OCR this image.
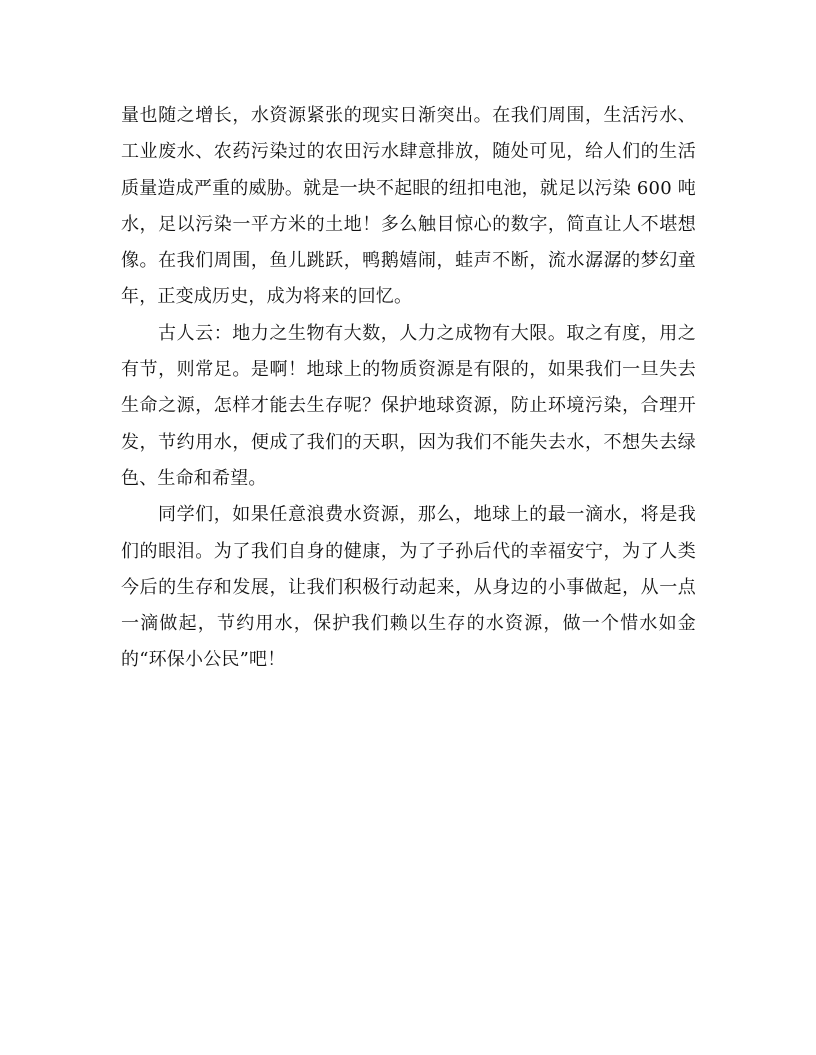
量也随之增长，水资源紧张的现实日渐突出。在我们周围，生活污水、工业废水、农药污染过的农田污水肆意排放，随处可见，给人们的生活质量造成严重的威胁。就是一块不起眼的纽扣电池，就足以污染 600 吨水，足以污染一平方米的土地！多么触目惊心的数字，简直让人不堪想像。在我们周围，鱼儿跳跃，鸭鹅嬉闹，蛙声不断，流水潺潺的梦幻童年，正变成历史，成为将来的回忆。

古人云：地力之生物有大数，人力之成物有大限。取之有度，用之有节，则常足。是啊！地球上的物质资源是有限的，如果我们一旦失去生命之源，怎样才能去生存呢？保护地球资源，防止环境污染，合理开发，节约用水，便成了我们的天职，因为我们不能失去水，不想失去绿色、生命和希望。

同学们，如果任意浪费水资源，那么，地球上的最一滴水，将是我们的眼泪。为了我们自身的健康，为了子孙后代的幸福安宁，为了人类今后的生存和发展，让我们积极行动起来，从身边的小事做起，从一点一滴做起，节约用水，保护我们赖以生存的水资源，做一个惜水如金的“环保小公民”吧！
